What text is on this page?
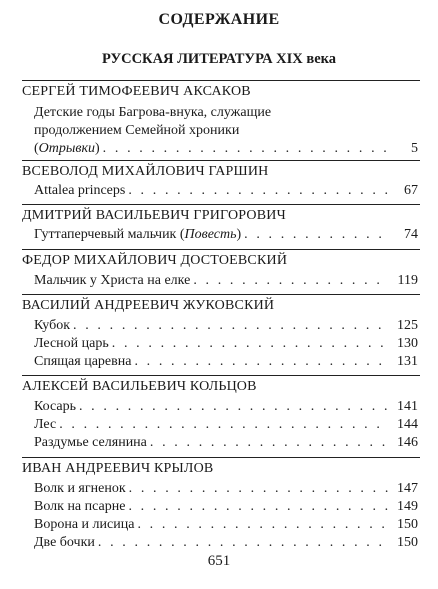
СОДЕРЖАНИЕ
РУССКАЯ ЛИТЕРАТУРА XIX века
СЕРГЕЙ ТИМОФЕЕВИЧ АКСАКОВ
Детские годы Багрова-внука, служащие
продолжением Семейной хроники
(Отрывки) . . .	5
ВСЕВОЛОД МИХАЙЛОВИЧ ГАРШИН
Attalea princeps . . .	67
ДМИТРИЙ ВАСИЛЬЕВИЧ ГРИГОРОВИЧ
Гуттаперчевый мальчик (Повесть) . . .	74
ФЕДОР МИХАЙЛОВИЧ ДОСТОЕВСКИЙ
Мальчик у Христа на елке . . .	119
ВАСИЛИЙ АНДРЕЕВИЧ ЖУКОВСКИЙ
Кубок . . .	125
Лесной царь . . .	130
Спящая царевна . . .	131
АЛЕКСЕЙ ВАСИЛЬЕВИЧ КОЛЬЦОВ
Косарь . . .	141
Лес . . .	144
Раздумье селянина . . .	146
ИВАН АНДРЕЕВИЧ КРЫЛОВ
Волк и ягненок . . .	147
Волк на псарне . . .	149
Ворона и лисица . . .	150
Две бочки . . .	150
651
